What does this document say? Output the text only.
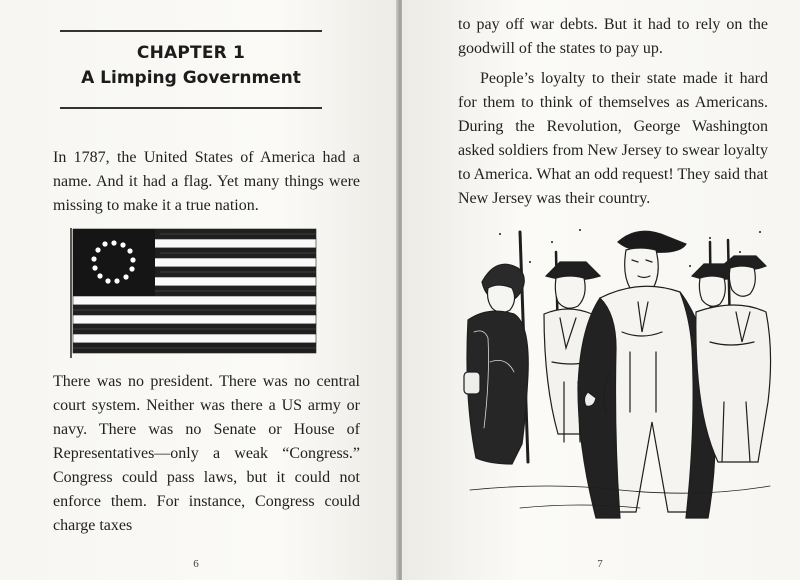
CHAPTER 1
A Limping Government
In 1787, the United States of America had a name. And it had a flag. Yet many things were missing to make it a true nation.
There was no president. There was no central court system. Neither was there a US army or navy. There was no Senate or House of Representatives—only a weak “Congress.” Congress could pass laws, but it could not enforce them. For instance, Congress could charge taxes
6
to pay off war debts. But it had to rely on the goodwill of the states to pay up.
People’s loyalty to their state made it hard for them to think of themselves as Americans. During the Revolution, George Washington asked soldiers from New Jersey to swear loyalty to America. What an odd request! They said that New Jersey was their country.
7
